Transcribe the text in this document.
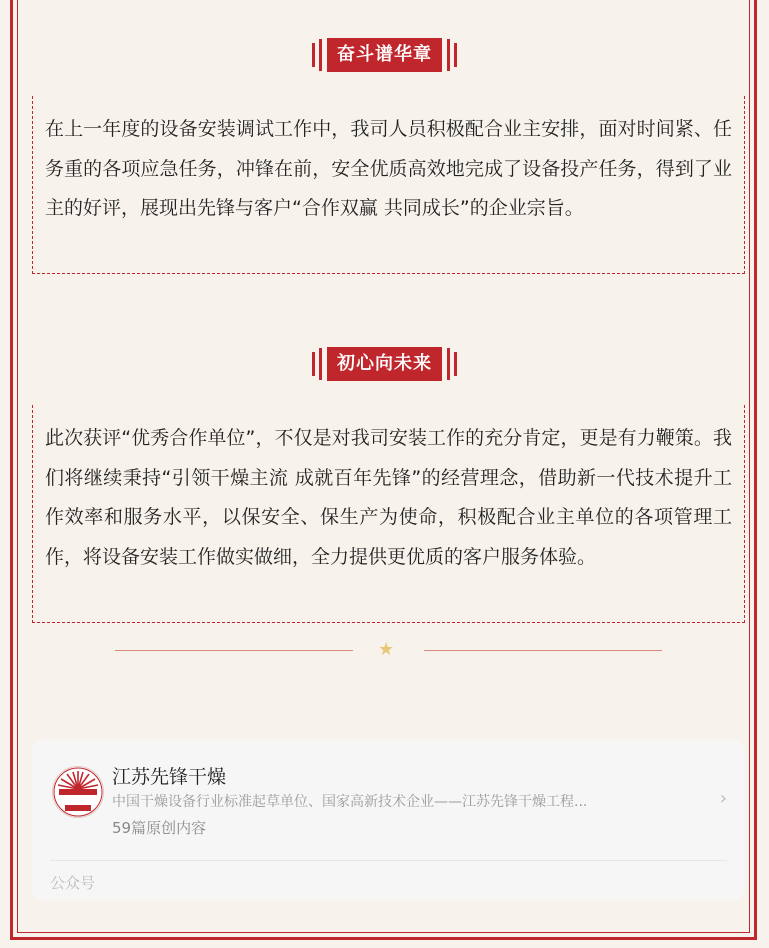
奋斗谱华章
在上一年度的设备安装调试工作中，我司人员积极配合业主安排，面对时间紧、任务重的各项应急任务，冲锋在前，安全优质高效地完成了设备投产任务，得到了业主的好评，展现出先锋与客户“合作双赢 共同成长”的企业宗旨。
初心向未来
此次获评“优秀合作单位”，不仅是对我司安装工作的充分肯定，更是有力鞭策。我们将继续秉持“引领干燥主流 成就百年先锋”的经营理念，借助新一代技术提升工作效率和服务水平，以保安全、保生产为使命，积极配合业主单位的各项管理工作，将设备安装工作做实做细，全力提供更优质的客户服务体验。
★
江苏先锋干燥
中国干燥设备行业标准起草单位、国家高新技术企业——江苏先锋干燥工程...
59篇原创内容
›
公众号
